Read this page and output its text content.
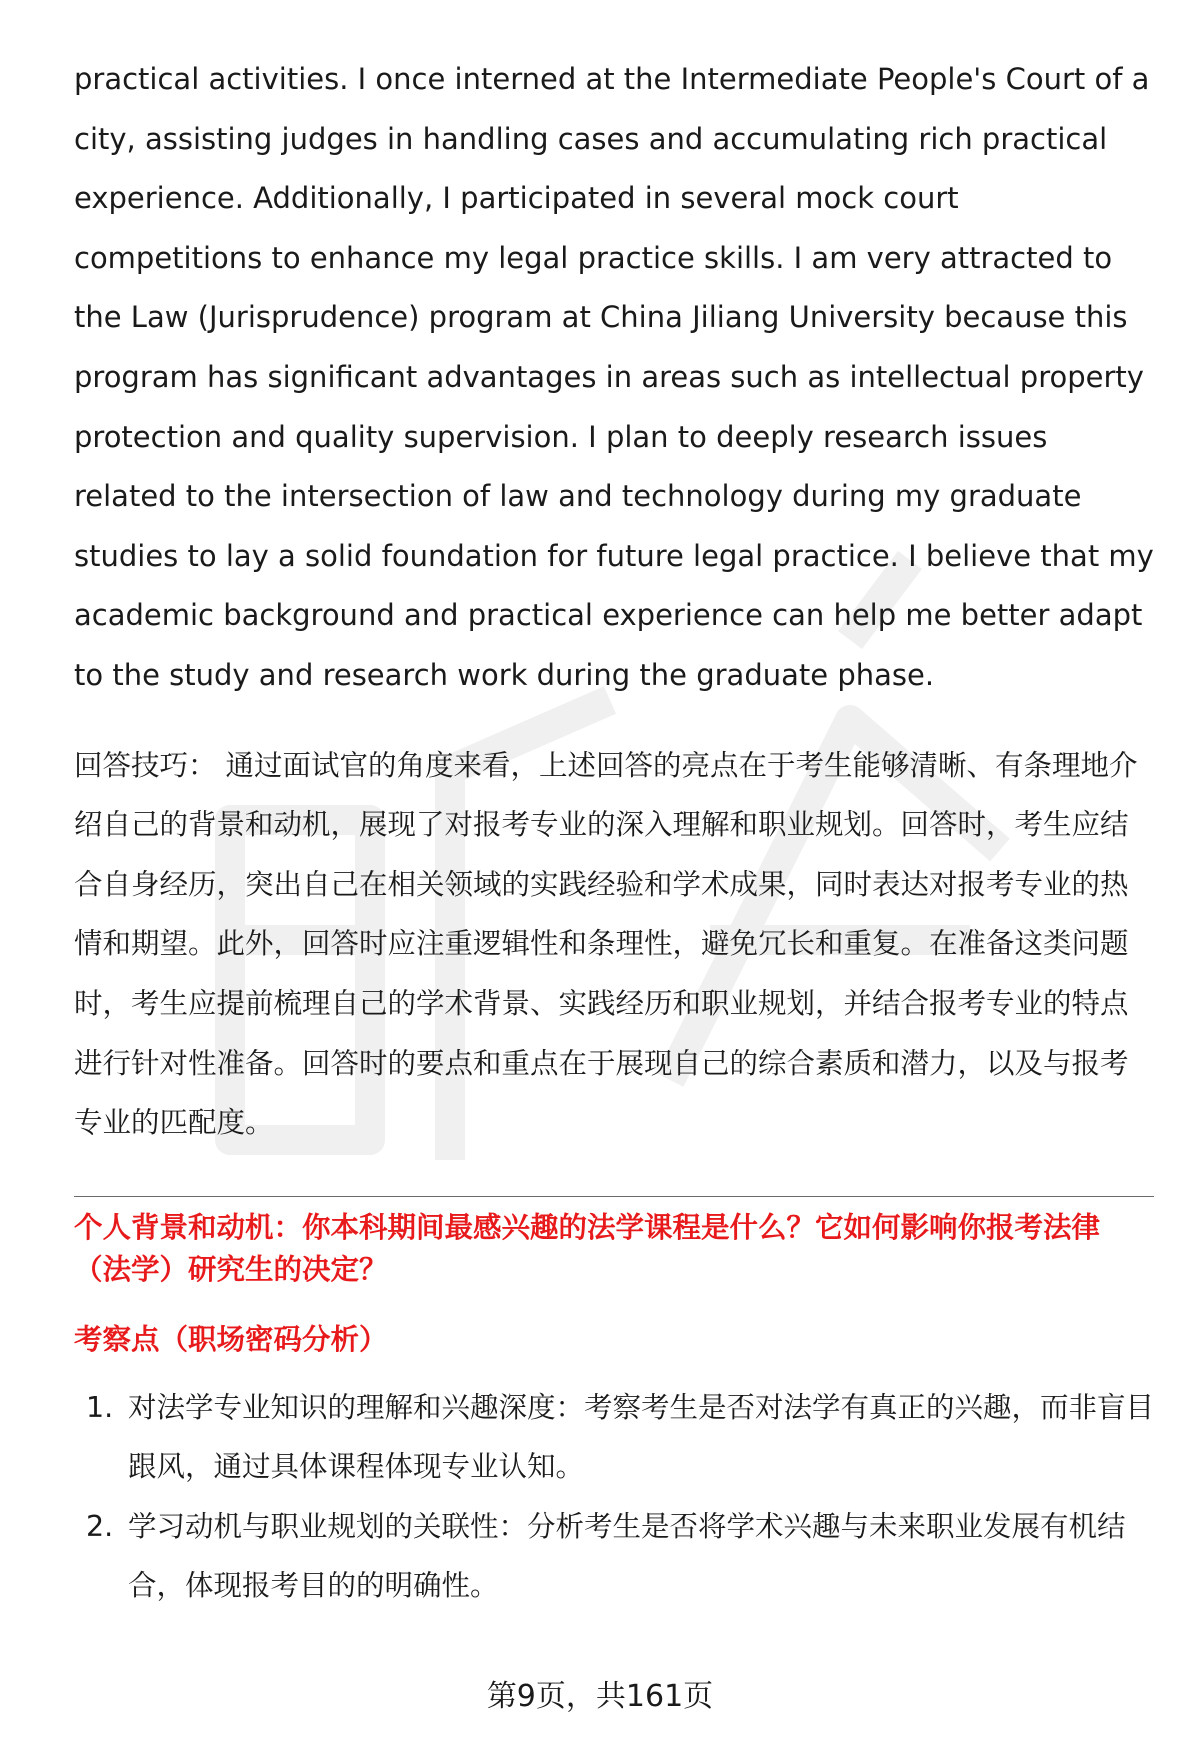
practical activities. I once interned at the Intermediate People's Court of a city, assisting judges in handling cases and accumulating rich practical experience. Additionally, I participated in several mock court competitions to enhance my legal practice skills. I am very attracted to the Law (Jurisprudence) program at China Jiliang University because this program has significant advantages in areas such as intellectual property protection and quality supervision. I plan to deeply research issues related to the intersection of law and technology during my graduate studies to lay a solid foundation for future legal practice. I believe that my academic background and practical experience can help me better adapt to the study and research work during the graduate phase.

回答技巧： 通过面试官的角度来看，上述回答的亮点在于考生能够清晰、有条理地介绍自己的背景和动机，展现了对报考专业的深入理解和职业规划。回答时，考生应结合自身经历，突出自己在相关领域的实践经验和学术成果，同时表达对报考专业的热情和期望。此外，回答时应注重逻辑性和条理性，避免冗长和重复。在准备这类问题时，考生应提前梳理自己的学术背景、实践经历和职业规划，并结合报考专业的特点进行针对性准备。回答时的要点和重点在于展现自己的综合素质和潜力，以及与报考专业的匹配度。

个人背景和动机：你本科期间最感兴趣的法学课程是什么？它如何影响你报考法律（法学）研究生的决定？
考察点（职场密码分析）
1. 对法学专业知识的理解和兴趣深度：考察考生是否对法学有真正的兴趣，而非盲目跟风，通过具体课程体现专业认知。
2. 学习动机与职业规划的关联性：分析考生是否将学术兴趣与未来职业发展有机结合，体现报考目的的明确性。
第9页，共161页
